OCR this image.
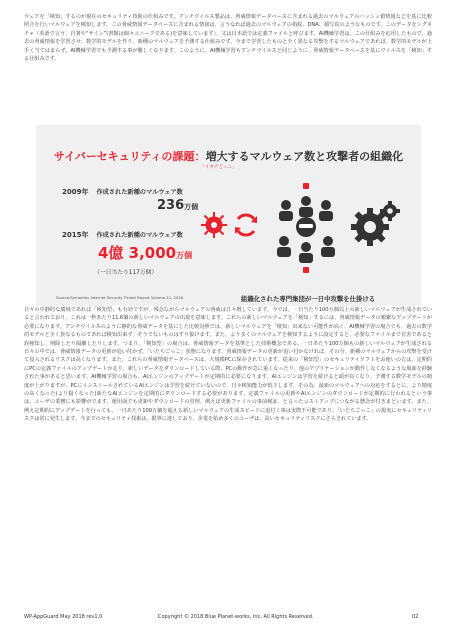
ウェアを「検知」するのが現在のセキュリティ技術の仕組みです。アンチウイルス製品は、脅威情報データベースに含まれる過去のマルウェアのハッシュ値情報などを基に比較照合を行いマルウェアを検知します。この脅威情報データベースに含まれる情報は、言うなれば過去のマルウェアの指紋、DNA、顔写真のようなものです。このデータをシグネチャ（英語で言う、自署や“サイン”(書類は個々ユニークである)を意味しています）、又は日本語では定義ファイルと呼びます。AI機械学習は、この仕組みを応用したもので、過去の脅威情報を学習させ、数学的モデルを作り、新種のマルウェアを予測する仕組みです。今まで学習したものと全く異なる攻撃をするマルウェアであれば、数学的モデルが上手く当てはまらず、AI機械学習でも予測する事が難しくなります。このように、AI機械学習もアンチウイルスと同じように、脅威情報データベースを基にウイルスを「検知」する仕組みです。
サイバーセキュリティの課題：増大するマルウェア数と攻撃者の組織化
「イタチごっこ」
2009年 作成された新種のマルウェア数
236万個
2015年 作成された新種のマルウェア数
4億 3,000万個
（一日当たり117万個）
Source:Symantec Internet Security Threat Report Volume 21, 2016	組織化された専門集団が一日中攻撃を仕掛ける
日々の中静的な環境であれば「検知型」も有効ですが、残念ながらマルウェアの脅威は日々増しています。今では、一日当たり100万個以上の新しいマルウェアが生成されていると言われており、これは一秒あたり11.6個の新しいマルウェアの出現を意味します。これらの新しいマルウェアを「検知」するには、脅威情報データの頻繁なアップデートが必要になります。アンチウイルスのように静的な脅威データを基にした比較対照では、新しいマルウェアを「検知」出来ない可能性が高く、AI機械学習の場合でも、過去の数学的モデルと全く異なるものであれば検知出来ず、そうでないものはすり抜けます。また、より多くのマルウェアを検知するように設定すると、必要なファイルまで有害であると誤検知し、削除したり隔離したりします。つまり、「検知型」の場合は、脅威情報データを基準とした技術概念である、一日あたり100万個もの新しいマルウェアが生成される日々の中では、脅威情報データの更新が追い付かず、「いたちごっこ」状態になります。脅威情報データの更新が追い付かなければ、その分、新種のマルウェアからの攻撃を受けて侵入されるリスクは高くなります。また、これらの脅威情報データベースは、大規模PCに保存されています。従来の「検知型」のセキュリティソフトをお使いの方は、定期的にPCの定義ファイルのアップデートが走り、新しいデータをダウンロードしている際、PCの動作が急に重くなったり、他のアプリケーションが動作しなくなるような場面を経験された事があると思います。AI機械学習の場合も、AIエンジンのアップデートが定期的に必要になります。AIエンジンは学習を続けると頭が良くなり、予測する数学モデルの精度が上がりますが、PCにインストールされているAIエンジンは学習を続けていないので、日々検知能力が低下します。その為、最新のマルウェアへの対応をするとに、より精度の高くなった(より賢くなった)新たなAIエンジンを定期的にダウンロードする必要があります。定義ファイルの更新やAIエンジンのダウンロードが定期的に行われるという事は、ユーザの業務にも影響がでます。運用面でも更新やダウンロードの管理、例えば更新ファイルの事前検証、と言ったコストアップにつながる懸念が付きまといます。また、例え定期的にアップデートを行っても、一日あたり100万個を超える新しいマルウェアの生成スピードに追付く事は実際不可能であり、「いたちごっこ」の現実にセキュリティリスクは常に発生します。今までのセキュリティ技術は、限界に達しており、企業を始め多くのユーザは、高いセキュリティリスクにさらされています。
WP-AppGuard May 2018 rev1.0	Copyright © 2018 Blue Planet-works, Inc. All Rights Reserved.	02
